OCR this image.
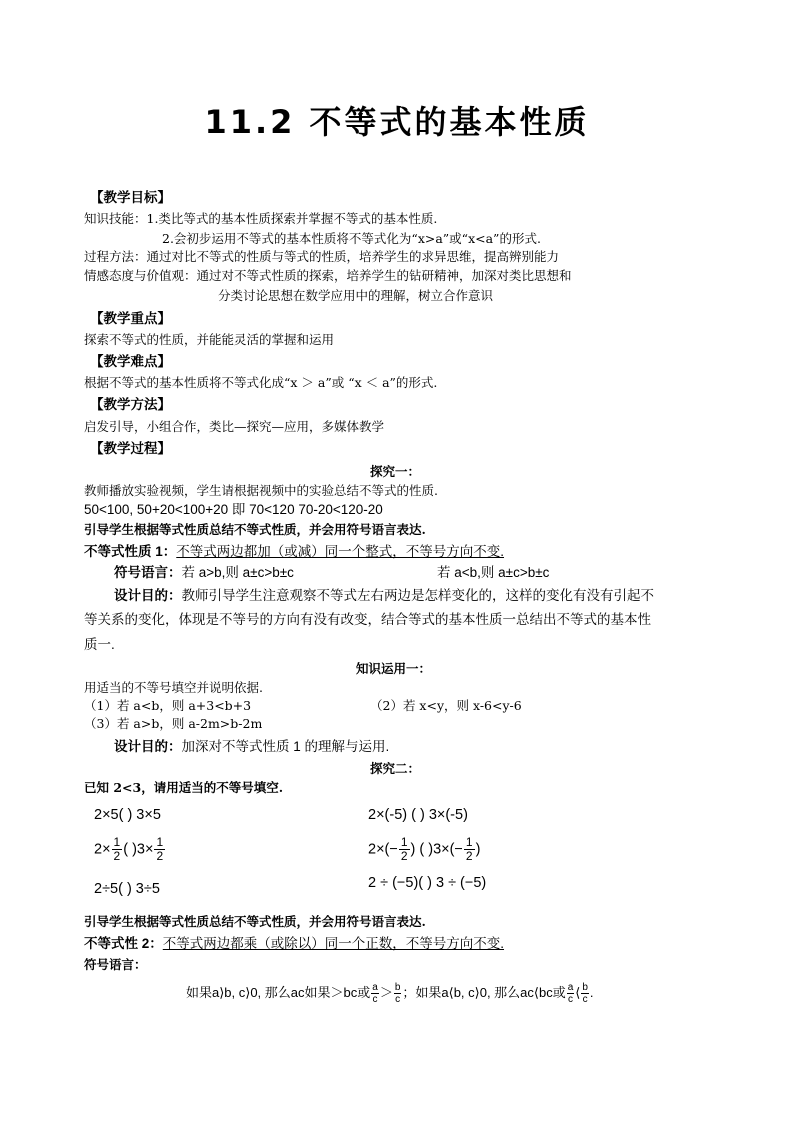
11.2 不等式的基本性质
【教学目标】
知识技能：1.类比等式的基本性质探索并掌握不等式的基本性质.
2.会初步运用不等式的基本性质将不等式化为“x>a”或“x<a”的形式.
过程方法：通过对比不等式的性质与等式的性质，培养学生的求异思维，提高辨别能力
情感态度与价值观：通过对不等式性质的探索，培养学生的钻研精神，加深对类比思想和
分类讨论思想在数学应用中的理解，树立合作意识
【教学重点】
探索不等式的性质，并能能灵活的掌握和运用
【教学难点】
根据不等式的基本性质将不等式化成“x ＞ a”或 “x ＜ a”的形式.
【教学方法】
启发引导，小组合作，类比—探究—应用，多媒体教学
【教学过程】
探究一：
教师播放实验视频，学生请根据视频中的实验总结不等式的性质.
50<100, 50+20<100+20 即 70<120 70-20<120-20
引导学生根据等式性质总结不等式性质，并会用符号语言表达.
不等式性质 1：不等式两边都加（或减）同一个整式，不等号方向不变.
符号语言：若 a>b,则 a±c>b±c	若 a<b,则 a±c>b±c
设计目的：教师引导学生注意观察不等式左右两边是怎样变化的，这样的变化有没有引起不
等关系的变化，体现是不等号的方向有没有改变，结合等式的基本性质一总结出不等式的基本性
质一.
知识运用一：
用适当的不等号填空并说明依据.
（1）若 a<b，则 a+3<b+3	（2）若 x<y，则 x-6<y-6
（3）若 a>b，则 a-2m>b-2m
设计目的：加深对不等式性质 1 的理解与运用.
探究二：
已知 2<3，请用适当的不等号填空.
2×5( ) 3×5	2×(-5) ( ) 3×(-5)
$2\times \frac{1}{2}$ ( )$3\times \frac{1}{2}$	$2\times(- \frac{1}{2}$ ) ( )$3\times(- \frac{1}{2}$ )
2÷5( ) 3÷5	2 ÷ (−5)( ) 3 ÷ (−5)
引导学生根据等式性质总结不等式性质，并会用符号语言表达.
不等式性 2：不等式两边都乘（或除以）同一个正数，不等号方向不变.
符号语言：
如果a⟩b, c⟩0, 那么ac如果＞bc或 $\frac{a}{c} > \frac{b}{c}$ ；如果a⟨b, c⟩0, 那么ac⟨bc或 $\frac{a}{c}$ ⟨ $\frac{b}{c}$ .
